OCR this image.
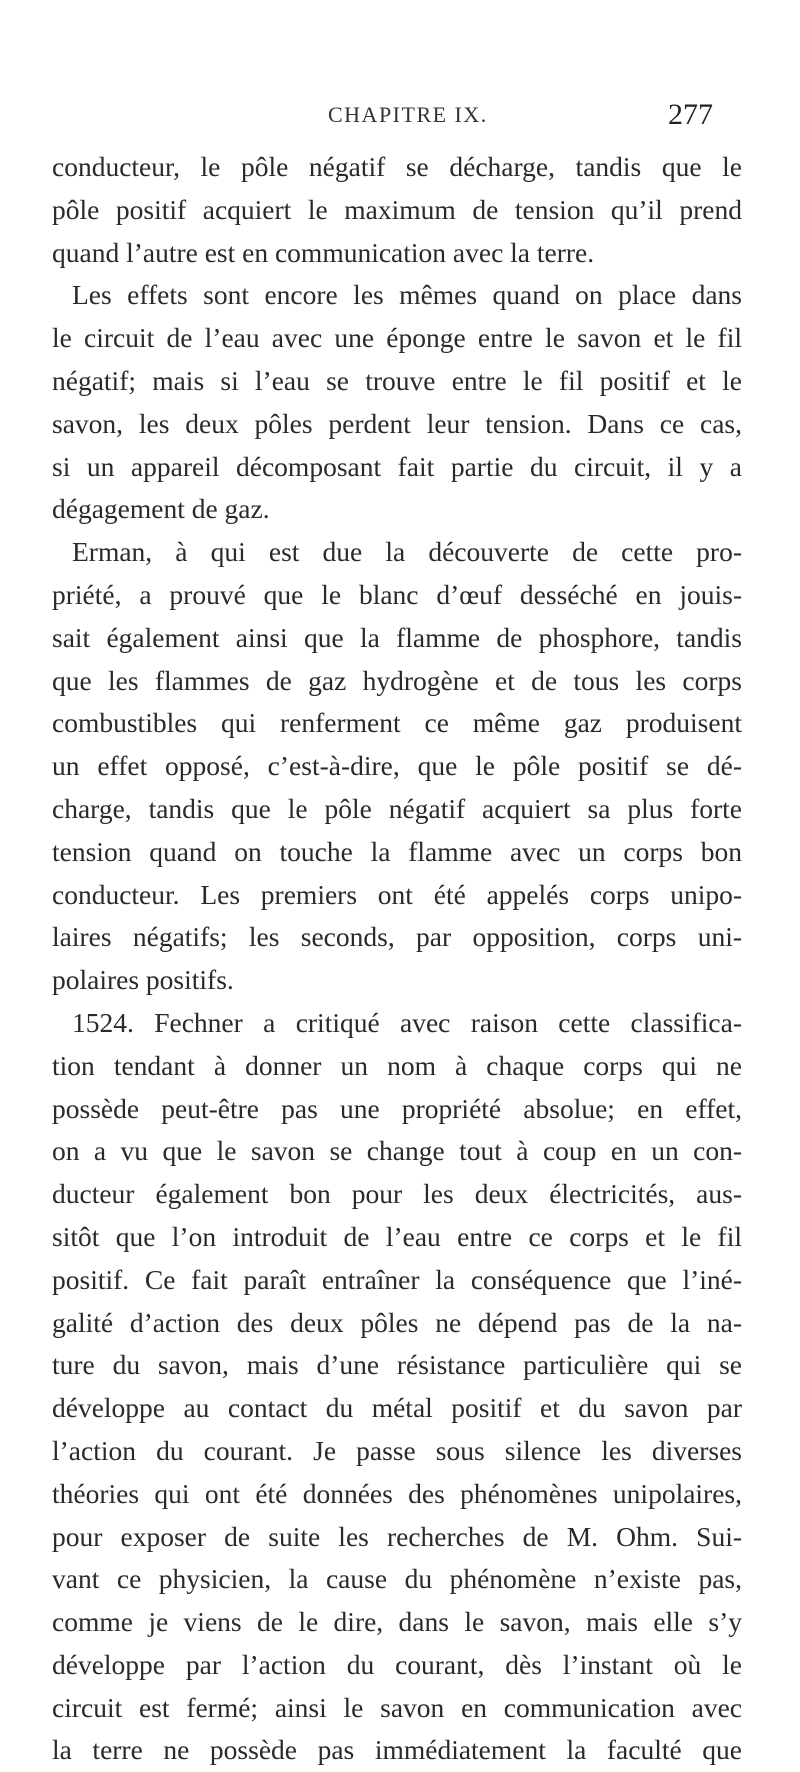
CHAPITRE IX.	277
conducteur, le pôle négatif se décharge, tandis que le
pôle positif acquiert le maximum de tension qu’il prend
quand l’autre est en communication avec la terre.
Les effets sont encore les mêmes quand on place dans
le circuit de l’eau avec une éponge entre le savon et le fil
négatif; mais si l’eau se trouve entre le fil positif et le
savon, les deux pôles perdent leur tension. Dans ce cas,
si un appareil décomposant fait partie du circuit, il y a
dégagement de gaz.
Erman, à qui est due la découverte de cette pro-
priété, a prouvé que le blanc d’œuf desséché en jouis-
sait également ainsi que la flamme de phosphore, tandis
que les flammes de gaz hydrogène et de tous les corps
combustibles qui renferment ce même gaz produisent
un effet opposé, c’est-à-dire, que le pôle positif se dé-
charge, tandis que le pôle négatif acquiert sa plus forte
tension quand on touche la flamme avec un corps bon
conducteur. Les premiers ont été appelés corps unipo-
laires négatifs; les seconds, par opposition, corps uni-
polaires positifs.
1524. Fechner a critiqué avec raison cette classifica-
tion tendant à donner un nom à chaque corps qui ne
possède peut-être pas une propriété absolue; en effet,
on a vu que le savon se change tout à coup en un con-
ducteur également bon pour les deux électricités, aus-
sitôt que l’on introduit de l’eau entre ce corps et le fil
positif. Ce fait paraît entraîner la conséquence que l’iné-
galité d’action des deux pôles ne dépend pas de la na-
ture du savon, mais d’une résistance particulière qui se
développe au contact du métal positif et du savon par
l’action du courant. Je passe sous silence les diverses
théories qui ont été données des phénomènes unipolaires,
pour exposer de suite les recherches de M. Ohm. Sui-
vant ce physicien, la cause du phénomène n’existe pas,
comme je viens de le dire, dans le savon, mais elle s’y
développe par l’action du courant, dès l’instant où le
circuit est fermé; ainsi le savon en communication avec
la terre ne possède pas immédiatement la faculté que
